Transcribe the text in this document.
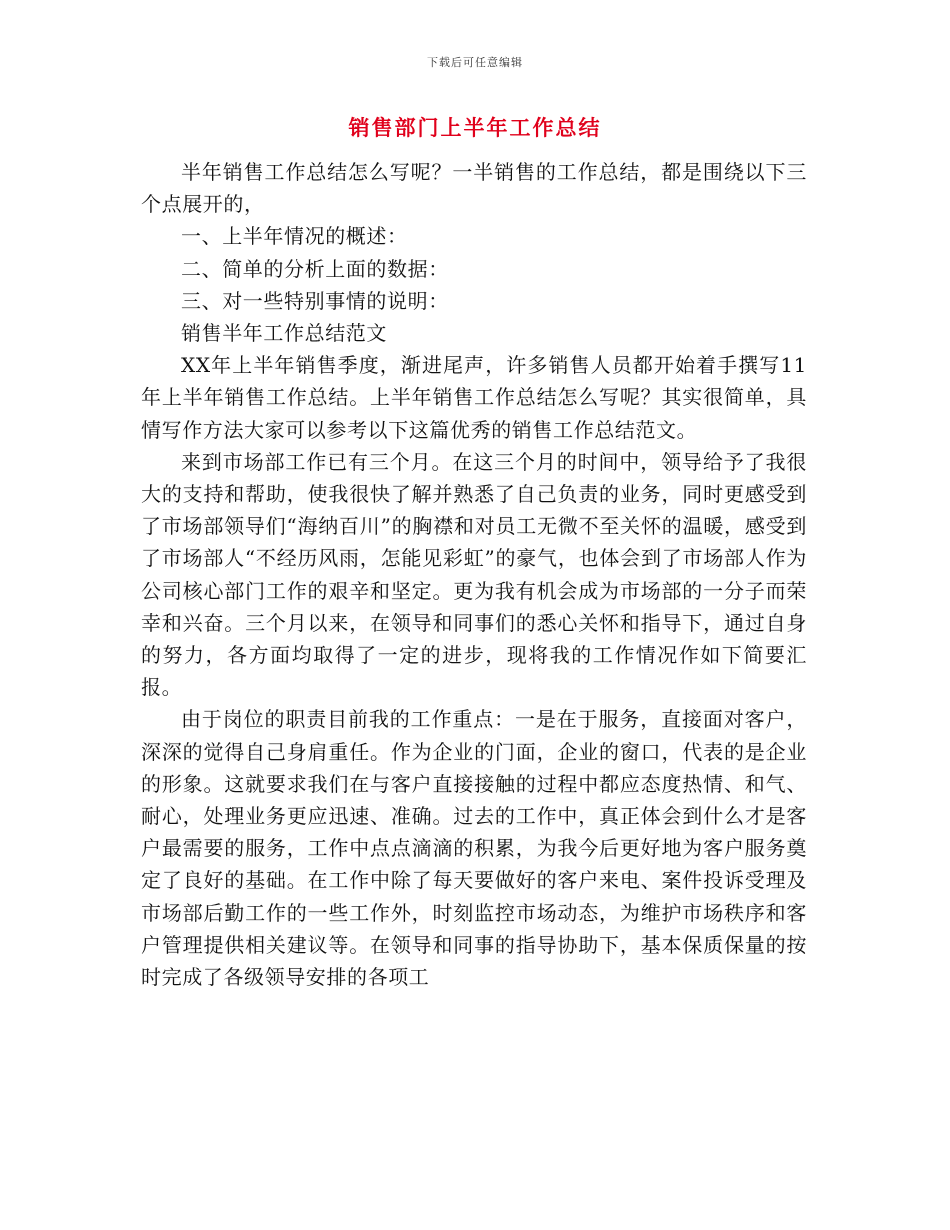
下载后可任意编辑
销售部门上半年工作总结

半年销售工作总结怎么写呢？一半销售的工作总结，都是围绕以下三个点展开的，

一、上半年情况的概述：

二、简单的分析上面的数据：

三、对一些特别事情的说明：

销售半年工作总结范文

XX年上半年销售季度，渐进尾声，许多销售人员都开始着手撰写11年上半年销售工作总结。上半年销售工作总结怎么写呢？其实很简单，具情写作方法大家可以参考以下这篇优秀的销售工作总结范文。

来到市场部工作已有三个月。在这三个月的时间中，领导给予了我很大的支持和帮助，使我很快了解并熟悉了自己负责的业务，同时更感受到了市场部领导们“海纳百川”的胸襟和对员工无微不至关怀的温暖，感受到了市场部人“不经历风雨，怎能见彩虹”的豪气，也体会到了市场部人作为公司核心部门工作的艰辛和坚定。更为我有机会成为市场部的一分子而荣幸和兴奋。三个月以来，在领导和同事们的悉心关怀和指导下，通过自身的努力，各方面均取得了一定的进步，现将我的工作情况作如下简要汇报。

由于岗位的职责目前我的工作重点：一是在于服务，直接面对客户，深深的觉得自己身肩重任。作为企业的门面，企业的窗口，代表的是企业的形象。这就要求我们在与客户直接接触的过程中都应态度热情、和气、耐心，处理业务更应迅速、准确。过去的工作中，真正体会到什么才是客户最需要的服务，工作中点点滴滴的积累，为我今后更好地为客户服务奠定了良好的基础。在工作中除了每天要做好的客户来电、案件投诉受理及市场部后勤工作的一些工作外，时刻监控市场动态，为维护市场秩序和客户管理提供相关建议等。在领导和同事的指导协助下，基本保质保量的按时完成了各级领导安排的各项工
